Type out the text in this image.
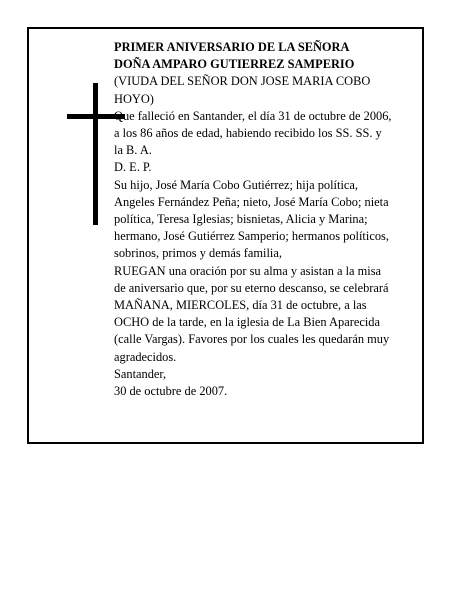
PRIMER ANIVERSARIO DE LA SEÑORA
DOÑA AMPARO GUTIERREZ SAMPERIO
(VIUDA DEL SEÑOR DON JOSE MARIA COBO
HOYO)
Que falleció en Santander, el día 31 de octubre de 2006,
a los 86 años de edad, habiendo recibido los SS. SS. y
la B. A.
D. E. P.
Su hijo, José María Cobo Gutiérrez; hija política,
Angeles Fernández Peña; nieto, José María Cobo; nieta
política, Teresa Iglesias; bisnietas, Alicia y Marina;
hermano, José Gutiérrez Samperio; hermanos políticos,
sobrinos, primos y demás familia,
RUEGAN una oración por su alma y asistan a la misa
de aniversario que, por su eterno descanso, se celebrará
MAÑANA, MIERCOLES, día 31 de octubre, a las
OCHO de la tarde, en la iglesia de La Bien Aparecida
(calle Vargas). Favores por los cuales les quedarán muy
agradecidos.
Santander,
30 de octubre de 2007.
